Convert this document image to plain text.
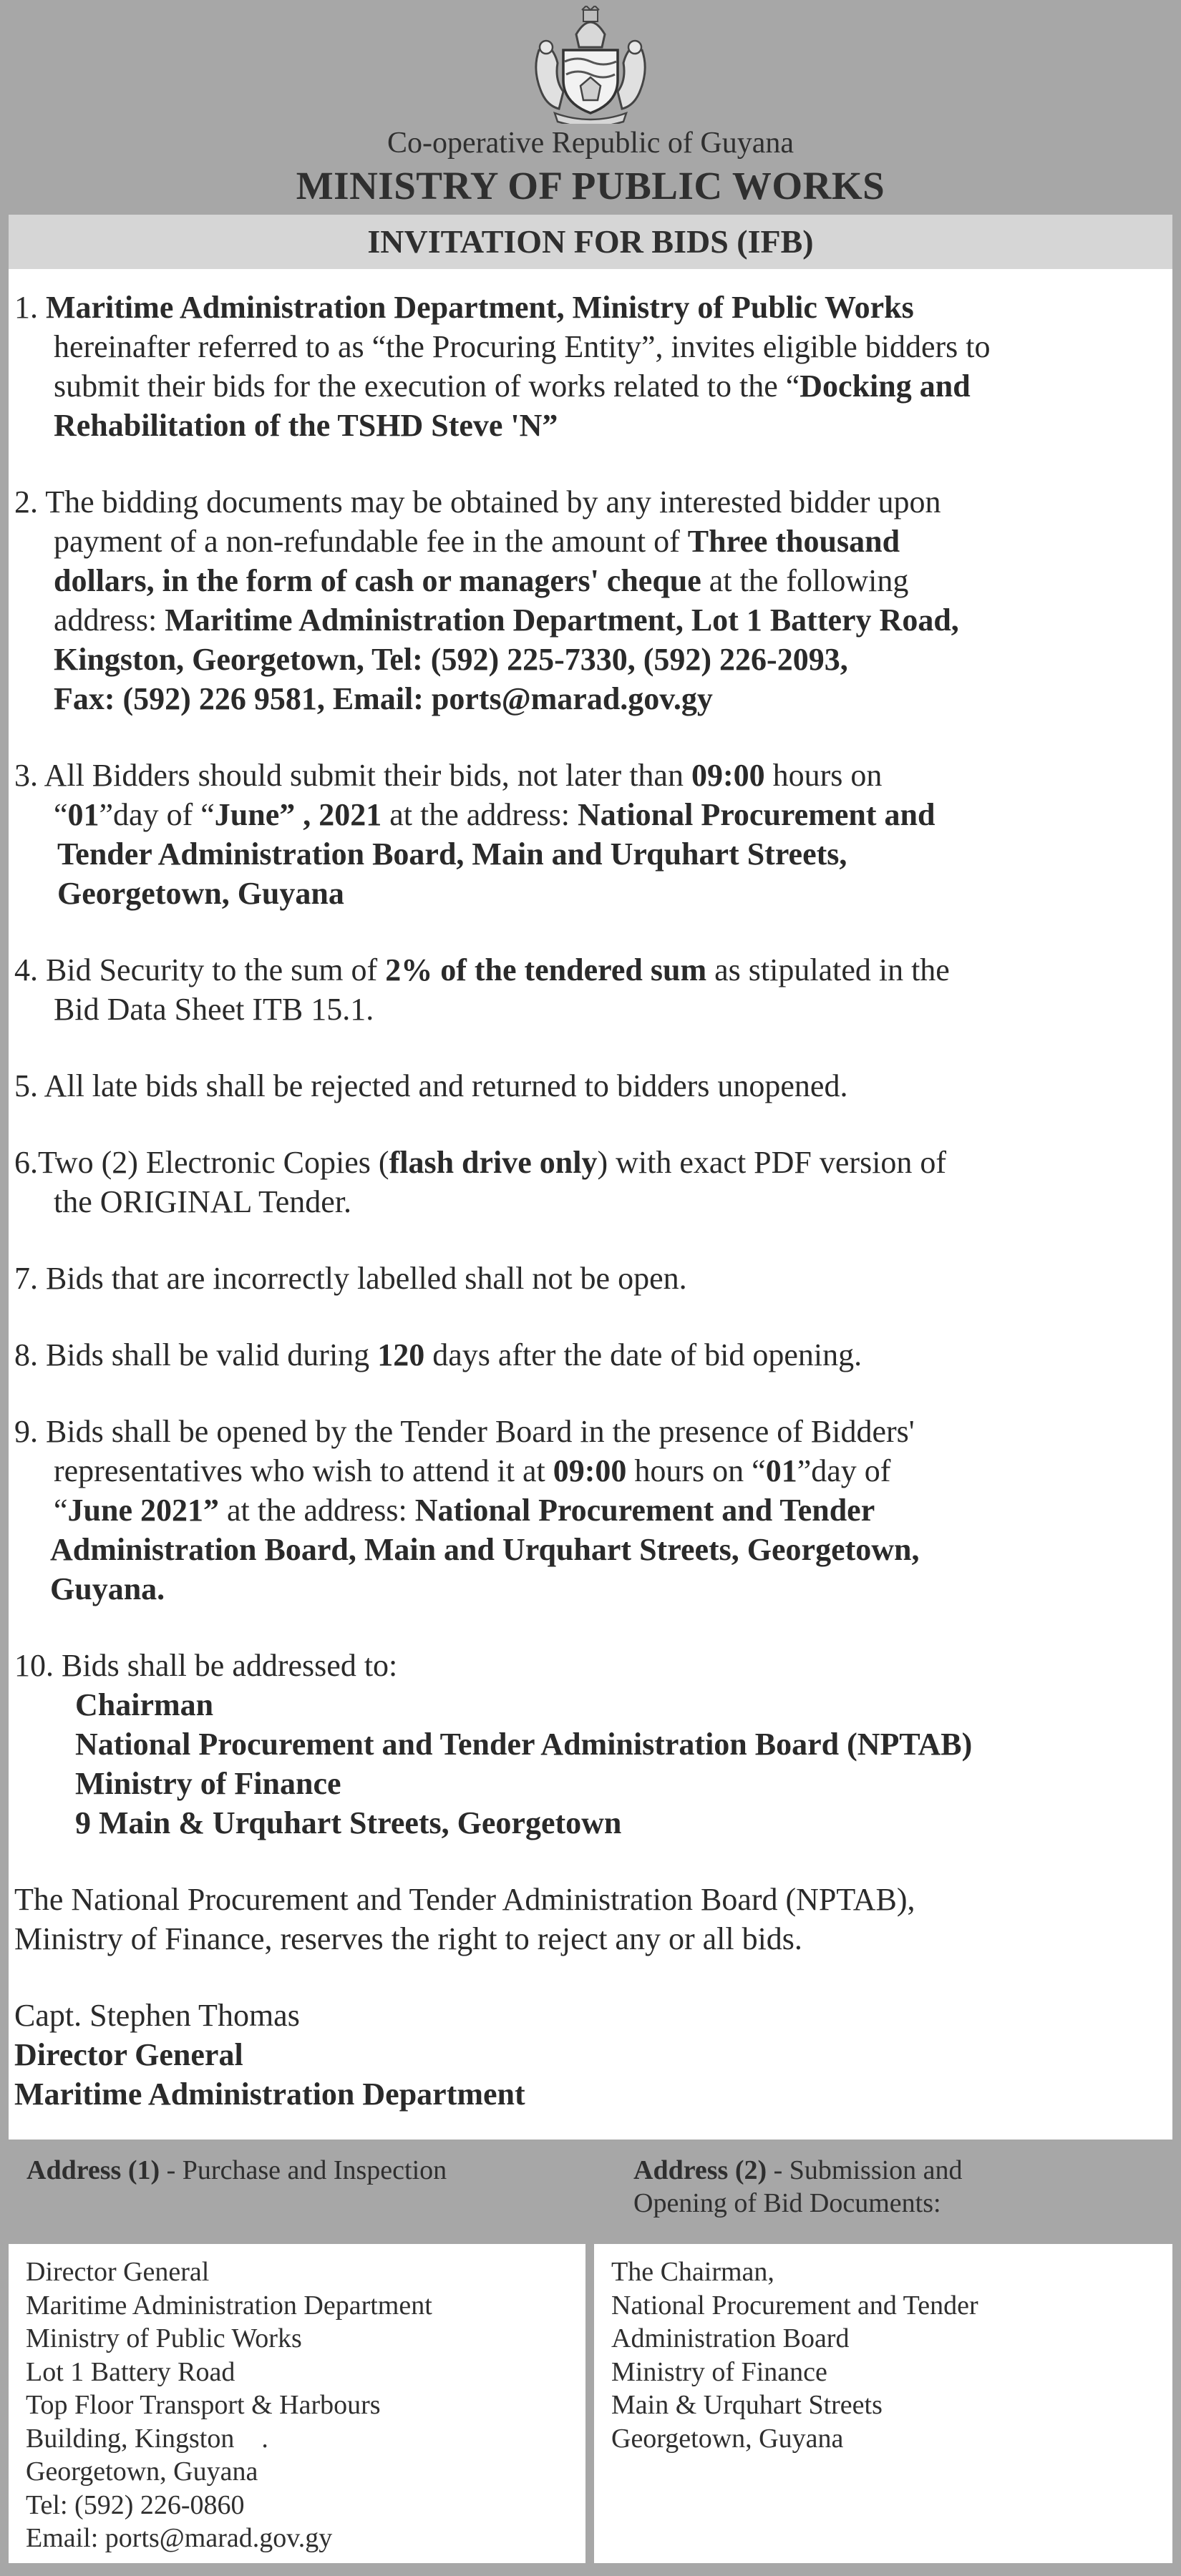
Co-operative Republic of Guyana
MINISTRY OF PUBLIC WORKS
INVITATION FOR BIDS (IFB)
1. Maritime Administration Department, Ministry of Public Works
hereinafter referred to as “the Procuring Entity”, invites eligible bidders to
submit their bids for the execution of works related to the “Docking and
Rehabilitation of the TSHD Steve 'N”
2. The bidding documents may be obtained by any interested bidder upon
payment of a non-refundable fee in the amount of Three thousand
dollars, in the form of cash or managers' cheque at the following
address: Maritime Administration Department, Lot 1 Battery Road,
Kingston, Georgetown, Tel: (592) 225-7330, (592) 226-2093,
Fax: (592) 226 9581, Email: ports@marad.gov.gy
3. All Bidders should submit their bids, not later than 09:00 hours on
“01”day of “June” , 2021 at the address: National Procurement and
Tender Administration Board, Main and Urquhart Streets,
Georgetown, Guyana
4. Bid Security to the sum of 2% of the tendered sum as stipulated in the
Bid Data Sheet ITB 15.1.
5. All late bids shall be rejected and returned to bidders unopened.
6.Two (2) Electronic Copies (flash drive only) with exact PDF version of
the ORIGINAL Tender.
7. Bids that are incorrectly labelled shall not be open.
8. Bids shall be valid during 120 days after the date of bid opening.
9. Bids shall be opened by the Tender Board in the presence of Bidders'
representatives who wish to attend it at 09:00 hours on “01”day of
“June 2021” at the address: National Procurement and Tender
Administration Board, Main and Urquhart Streets, Georgetown,
Guyana.
10. Bids shall be addressed to:
Chairman
National Procurement and Tender Administration Board (NPTAB)
Ministry of Finance
9 Main & Urquhart Streets, Georgetown
The National Procurement and Tender Administration Board (NPTAB),
Ministry of Finance, reserves the right to reject any or all bids.
Capt. Stephen Thomas
Director General
Maritime Administration Department
Address (1) - Purchase and Inspection	Address (2) - Submission and
Opening of Bid Documents:
Director General
Maritime Administration Department
Ministry of Public Works
Lot 1 Battery Road
Top Floor Transport & Harbours
Building, Kingston    .
Georgetown, Guyana
Tel: (592) 226-0860
Email: ports@marad.gov.gy
The Chairman,
National Procurement and Tender
Administration Board
Ministry of Finance
Main & Urquhart Streets
Georgetown, Guyana
